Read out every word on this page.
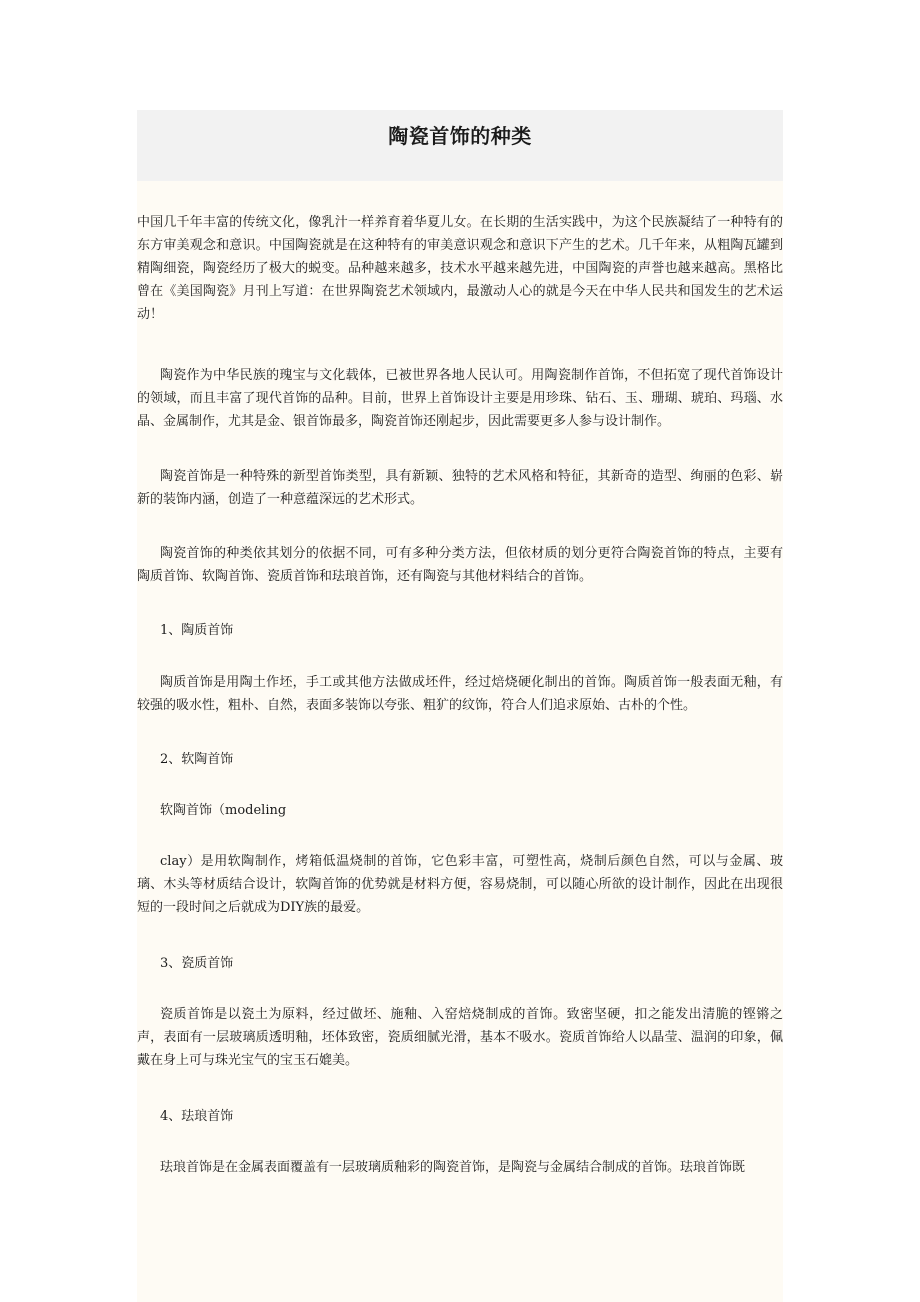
陶瓷首饰的种类
中国几千年丰富的传统文化，像乳汁一样养育着华夏儿女。在长期的生活实践中，为这个民族凝结了一种特有的东方审美观念和意识。中国陶瓷就是在这种特有的审美意识观念和意识下产生的艺术。几千年来，从粗陶瓦罐到精陶细瓷，陶瓷经历了极大的蜕变。品种越来越多，技术水平越来越先进，中国陶瓷的声誉也越来越高。黑格比曾在《美国陶瓷》月刊上写道：在世界陶瓷艺术领域内，最激动人心的就是今天在中华人民共和国发生的艺术运动！
陶瓷作为中华民族的瑰宝与文化载体，已被世界各地人民认可。用陶瓷制作首饰，不但拓宽了现代首饰设计的领域，而且丰富了现代首饰的品种。目前，世界上首饰设计主要是用珍珠、钻石、玉、珊瑚、琥珀、玛瑙、水晶、金属制作，尤其是金、银首饰最多，陶瓷首饰还刚起步，因此需要更多人参与设计制作。
陶瓷首饰是一种特殊的新型首饰类型，具有新颖、独特的艺术风格和特征，其新奇的造型、绚丽的色彩、崭新的装饰内涵，创造了一种意蕴深远的艺术形式。
陶瓷首饰的种类依其划分的依据不同，可有多种分类方法，但依材质的划分更符合陶瓷首饰的特点，主要有陶质首饰、软陶首饰、瓷质首饰和珐琅首饰，还有陶瓷与其他材料结合的首饰。
1、陶质首饰
陶质首饰是用陶土作坯，手工或其他方法做成坯件，经过焙烧硬化制出的首饰。陶质首饰一般表面无釉，有较强的吸水性，粗朴、自然，表面多装饰以夸张、粗犷的纹饰，符合人们追求原始、古朴的个性。
2、软陶首饰
软陶首饰（modeling
clay）是用软陶制作，烤箱低温烧制的首饰，它色彩丰富，可塑性高，烧制后颜色自然，可以与金属、玻璃、木头等材质结合设计，软陶首饰的优势就是材料方便，容易烧制，可以随心所欲的设计制作，因此在出现很短的一段时间之后就成为DIY族的最爱。
3、瓷质首饰
瓷质首饰是以瓷土为原料，经过做坯、施釉、入窑焙烧制成的首饰。致密坚硬，扣之能发出清脆的铿锵之声，表面有一层玻璃质透明釉，坯体致密，瓷质细腻光滑，基本不吸水。瓷质首饰给人以晶莹、温润的印象，佩戴在身上可与珠光宝气的宝玉石媲美。
4、珐琅首饰
珐琅首饰是在金属表面覆盖有一层玻璃质釉彩的陶瓷首饰，是陶瓷与金属结合制成的首饰。珐琅首饰既
